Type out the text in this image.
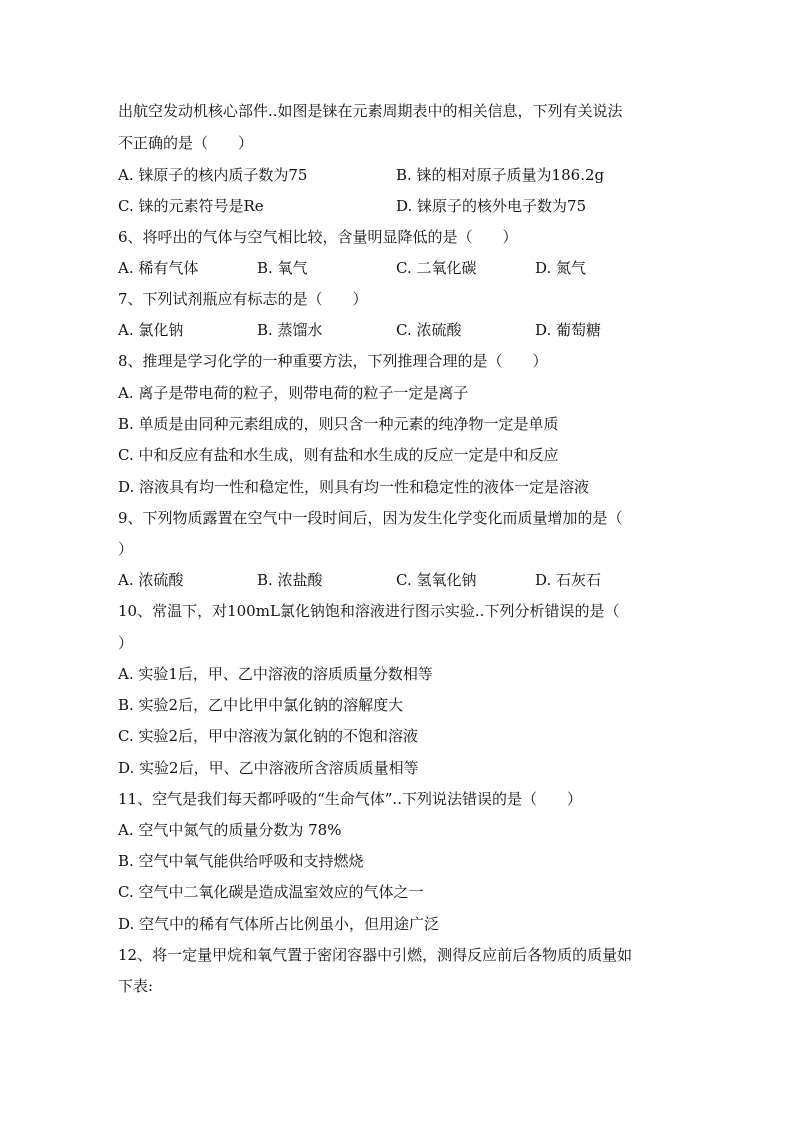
出航空发动机核心部件..如图是铼在元素周期表中的相关信息，下列有关说法
不正确的是（　　）
A. 铼原子的核内质子数为75	B. 铼的相对原子质量为186.2g
C. 铼的元素符号是Re	D. 铼原子的核外电子数为75
6、将呼出的气体与空气相比较，含量明显降低的是（　　）
A. 稀有气体	B. 氧气	C. 二氧化碳	D. 氮气
7、下列试剂瓶应有标志的是（　　）
A. 氯化钠	B. 蒸馏水	C. 浓硫酸	D. 葡萄糖
8、推理是学习化学的一种重要方法，下列推理合理的是（　　）
A. 离子是带电荷的粒子，则带电荷的粒子一定是离子
B. 单质是由同种元素组成的，则只含一种元素的纯净物一定是单质
C. 中和反应有盐和水生成，则有盐和水生成的反应一定是中和反应
D. 溶液具有均一性和稳定性，则具有均一性和稳定性的液体一定是溶液
9、下列物质露置在空气中一段时间后，因为发生化学变化而质量增加的是（
）
A. 浓硫酸	B. 浓盐酸	C. 氢氧化钠	D. 石灰石
10、常温下，对100mL氯化钠饱和溶液进行图示实验..下列分析错误的是（
）
A. 实验1后，甲、乙中溶液的溶质质量分数相等
B. 实验2后，乙中比甲中氯化钠的溶解度大
C. 实验2后，甲中溶液为氯化钠的不饱和溶液
D. 实验2后，甲、乙中溶液所含溶质质量相等
11、空气是我们每天都呼吸的“生命气体”..下列说法错误的是（　　）
A. 空气中氮气的质量分数为 78%
B. 空气中氧气能供给呼吸和支持燃烧
C. 空气中二氧化碳是造成温室效应的气体之一
D. 空气中的稀有气体所占比例虽小，但用途广泛
12、将一定量甲烷和氧气置于密闭容器中引燃，测得反应前后各物质的质量如
下表:
